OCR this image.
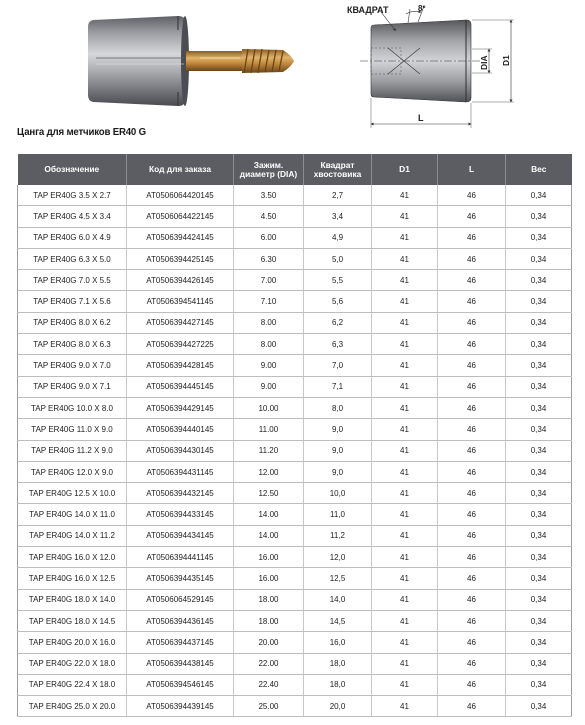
КВАДРАТ	8º
DIA D1
L
Цанга для метчиков ER40 G
Обозначение	Код для заказа	Зажим. диаметр (DIA)	Квадрат хвостовика	D1	L	Вес
TAP ER40G 3.5 X 2.7	AT0506064420145	3.50	2,7	41	46	0,34
TAP ER40G 4.5 X 3.4	AT0506064422145	4.50	3,4	41	46	0,34
TAP ER40G 6.0 X 4.9	AT0506394424145	6.00	4,9	41	46	0,34
TAP ER40G 6.3 X 5.0	AT0506394425145	6.30	5,0	41	46	0,34
TAP ER40G 7.0 X 5.5	AT0506394426145	7.00	5,5	41	46	0,34
TAP ER40G 7.1 X 5.6	AT0506394541145	7.10	5,6	41	46	0,34
TAP ER40G 8.0 X 6.2	AT0506394427145	8.00	6,2	41	46	0,34
TAP ER40G 8.0 X 6.3	AT0506394427225	8.00	6,3	41	46	0,34
TAP ER40G 9.0 X 7.0	AT0506394428145	9.00	7,0	41	46	0,34
TAP ER40G 9.0 X 7.1	AT0506394445145	9.00	7,1	41	46	0,34
TAP ER40G 10.0 X 8.0	AT0506394429145	10.00	8,0	41	46	0,34
TAP ER40G 11.0 X 9.0	AT0506394440145	11.00	9,0	41	46	0,34
TAP ER40G 11.2 X 9.0	AT0506394430145	11.20	9,0	41	46	0,34
TAP ER40G 12.0 X 9.0	AT0506394431145	12.00	9,0	41	46	0,34
TAP ER40G 12.5 X 10.0	AT0506394432145	12.50	10,0	41	46	0,34
TAP ER40G 14.0 X 11.0	AT0506394433145	14.00	11,0	41	46	0,34
TAP ER40G 14.0 X 11.2	AT0506394434145	14.00	11,2	41	46	0,34
TAP ER40G 16.0 X 12.0	AT0506394441145	16.00	12,0	41	46	0,34
TAP ER40G 16.0 X 12.5	AT0506394435145	16.00	12,5	41	46	0,34
TAP ER40G 18.0 X 14.0	AT0506064529145	18.00	14,0	41	46	0,34
TAP ER40G 18.0 X 14.5	AT0506394436145	18.00	14,5	41	46	0,34
TAP ER40G 20.0 X 16.0	AT0506394437145	20.00	16,0	41	46	0,34
TAP ER40G 22.0 X 18.0	AT0506394438145	22.00	18,0	41	46	0,34
TAP ER40G 22.4 X 18.0	AT0506394546145	22.40	18,0	41	46	0,34
TAP ER40G 25.0 X 20.0	AT0506394439145	25.00	20,0	41	46	0,34
